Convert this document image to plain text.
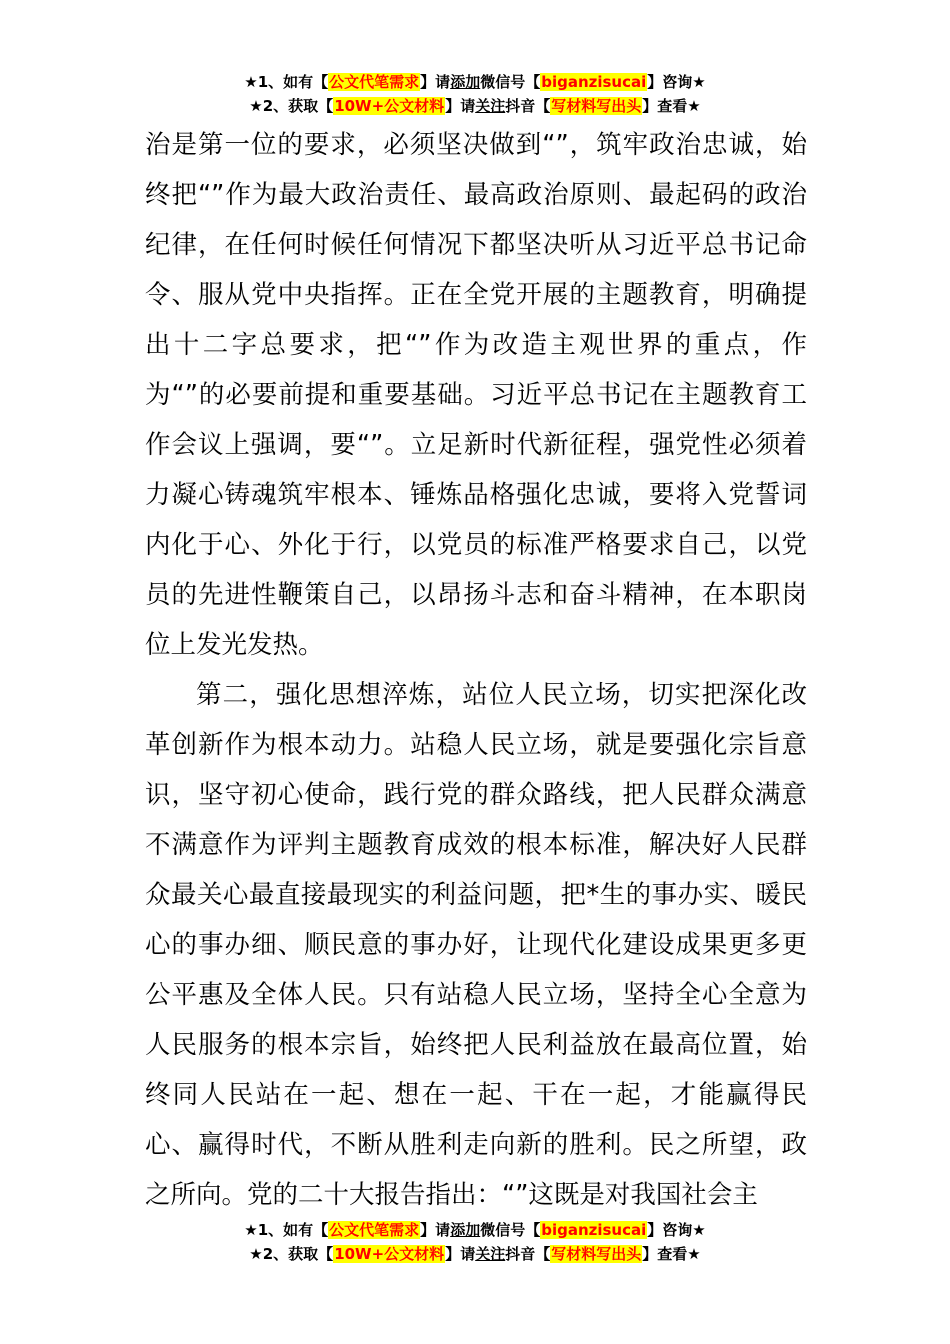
★1、如有【公文代笔需求】请添加微信号【biganzisucai】咨询★
★2、获取【10W+公文材料】请关注抖音【写材料写出头】查看★

治是第一位的要求，必须坚决做到“”，筑牢政治忠诚，始终把“”作为最大政治责任、最高政治原则、最起码的政治纪律，在任何时候任何情况下都坚决听从习近平总书记命令、服从党中央指挥。正在全党开展的主题教育，明确提出十二字总要求，把“”作为改造主观世界的重点，作为“”的必要前提和重要基础。习近平总书记在主题教育工作会议上强调，要“”。立足新时代新征程，强党性必须着力凝心铸魂筑牢根本、锤炼品格强化忠诚，要将入党誓词内化于心、外化于行，以党员的标准严格要求自己，以党员的先进性鞭策自己，以昂扬斗志和奋斗精神，在本职岗位上发光发热。

第二，强化思想淬炼，站位人民立场，切实把深化改革创新作为根本动力。站稳人民立场，就是要强化宗旨意识，坚守初心使命，践行党的群众路线，把人民群众满意不满意作为评判主题教育成效的根本标准，解决好人民群众最关心最直接最现实的利益问题，把*生的事办实、暖民心的事办细、顺民意的事办好，让现代化建设成果更多更公平惠及全体人民。只有站稳人民立场，坚持全心全意为人民服务的根本宗旨，始终把人民利益放在最高位置，始终同人民站在一起、想在一起、干在一起，才能赢得民心、赢得时代，不断从胜利走向新的胜利。民之所望，政之所向。党的二十大报告指出：“”这既是对我国社会主

★1、如有【公文代笔需求】请添加微信号【biganzisucai】咨询★
★2、获取【10W+公文材料】请关注抖音【写材料写出头】查看★
